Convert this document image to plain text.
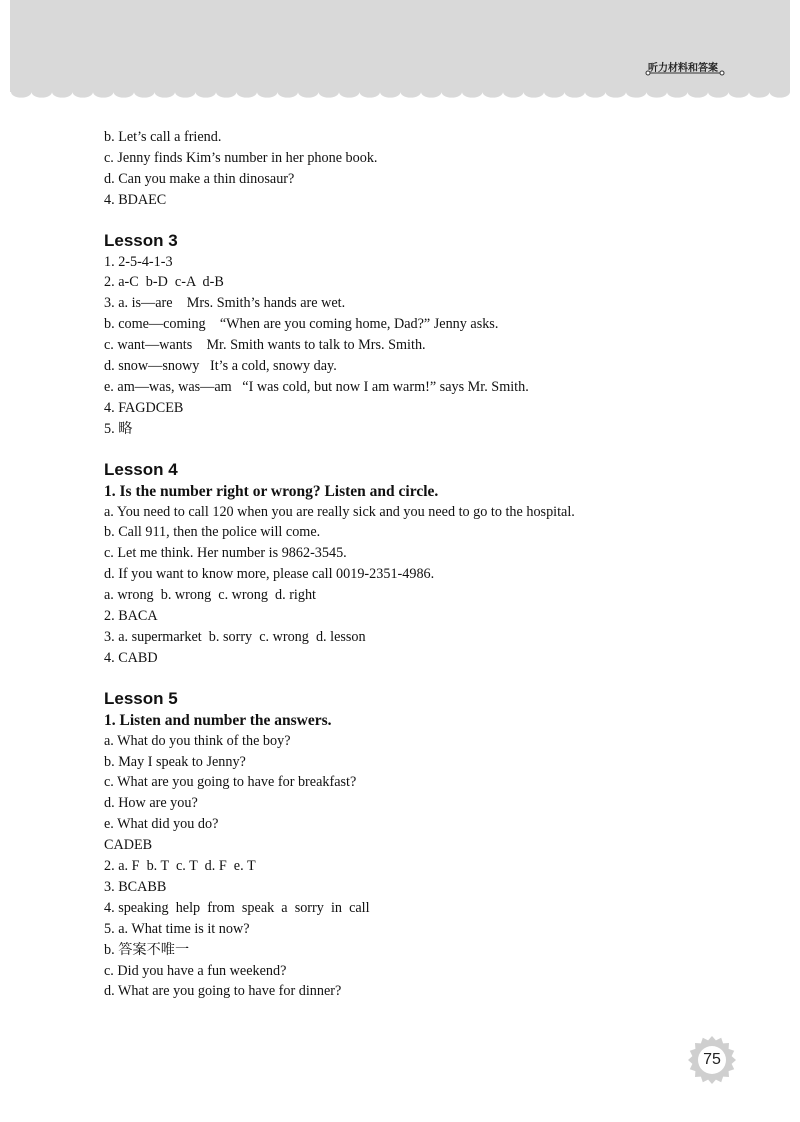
听力材料和答案
b. Let’s call a friend.
c. Jenny finds Kim’s number in her phone book.
d. Can you make a thin dinosaur?
4. BDAEC
Lesson 3
1. 2-5-4-1-3
2. a-C  b-D  c-A  d-B
3. a. is—are    Mrs. Smith’s hands are wet.
b. come—coming    “When are you coming home, Dad?” Jenny asks.
c. want—wants    Mr. Smith wants to talk to Mrs. Smith.
d. snow—snowy   It’s a cold, snowy day.
e. am—was, was—am   “I was cold, but now I am warm!” says Mr. Smith.
4. FAGDCEB
5. 略
Lesson 4
1. Is the number right or wrong? Listen and circle.
a. You need to call 120 when you are really sick and you need to go to the hospital.
b. Call 911, then the police will come.
c. Let me think. Her number is 9862-3545.
d. If you want to know more, please call 0019-2351-4986.
a. wrong  b. wrong  c. wrong  d. right
2. BACA
3. a. supermarket  b. sorry  c. wrong  d. lesson
4. CABD
Lesson 5
1. Listen and number the answers.
a. What do you think of the boy?
b. May I speak to Jenny?
c. What are you going to have for breakfast?
d. How are you?
e. What did you do?
CADEB
2. a. F  b. T  c. T  d. F  e. T
3. BCABB
4. speaking  help  from  speak  a  sorry  in  call
5. a. What time is it now?
b. 答案不唯一
c. Did you have a fun weekend?
d. What are you going to have for dinner?
75
